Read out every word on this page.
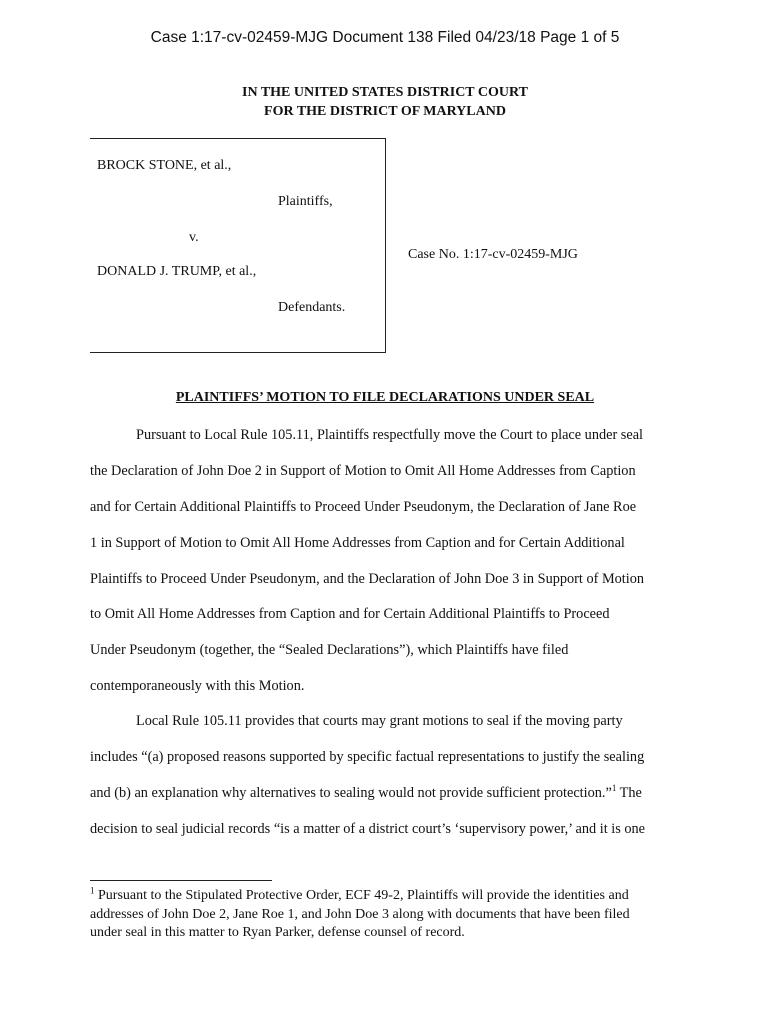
Case 1:17-cv-02459-MJG Document 138 Filed 04/23/18 Page 1 of 5
IN THE UNITED STATES DISTRICT COURT
FOR THE DISTRICT OF MARYLAND
BROCK STONE, et al.,
Plaintiffs,
v.
DONALD J. TRUMP, et al.,
Defendants.
Case No. 1:17-cv-02459-MJG
PLAINTIFFS’ MOTION TO FILE DECLARATIONS UNDER SEAL
Pursuant to Local Rule 105.11, Plaintiffs respectfully move the Court to place under seal
the Declaration of John Doe 2 in Support of Motion to Omit All Home Addresses from Caption
and for Certain Additional Plaintiffs to Proceed Under Pseudonym, the Declaration of Jane Roe
1 in Support of Motion to Omit All Home Addresses from Caption and for Certain Additional
Plaintiffs to Proceed Under Pseudonym, and the Declaration of John Doe 3 in Support of Motion
to Omit All Home Addresses from Caption and for Certain Additional Plaintiffs to Proceed
Under Pseudonym (together, the “Sealed Declarations”), which Plaintiffs have filed
contemporaneously with this Motion.
Local Rule 105.11 provides that courts may grant motions to seal if the moving party
includes “(a) proposed reasons supported by specific factual representations to justify the sealing
and (b) an explanation why alternatives to sealing would not provide sufficient protection.”$^1$ The
decision to seal judicial records “is a matter of a district court’s ‘supervisory power,’ and it is one
$^1$ Pursuant to the Stipulated Protective Order, ECF 49-2, Plaintiffs will provide the identities and
addresses of John Doe 2, Jane Roe 1, and John Doe 3 along with documents that have been filed
under seal in this matter to Ryan Parker, defense counsel of record.
